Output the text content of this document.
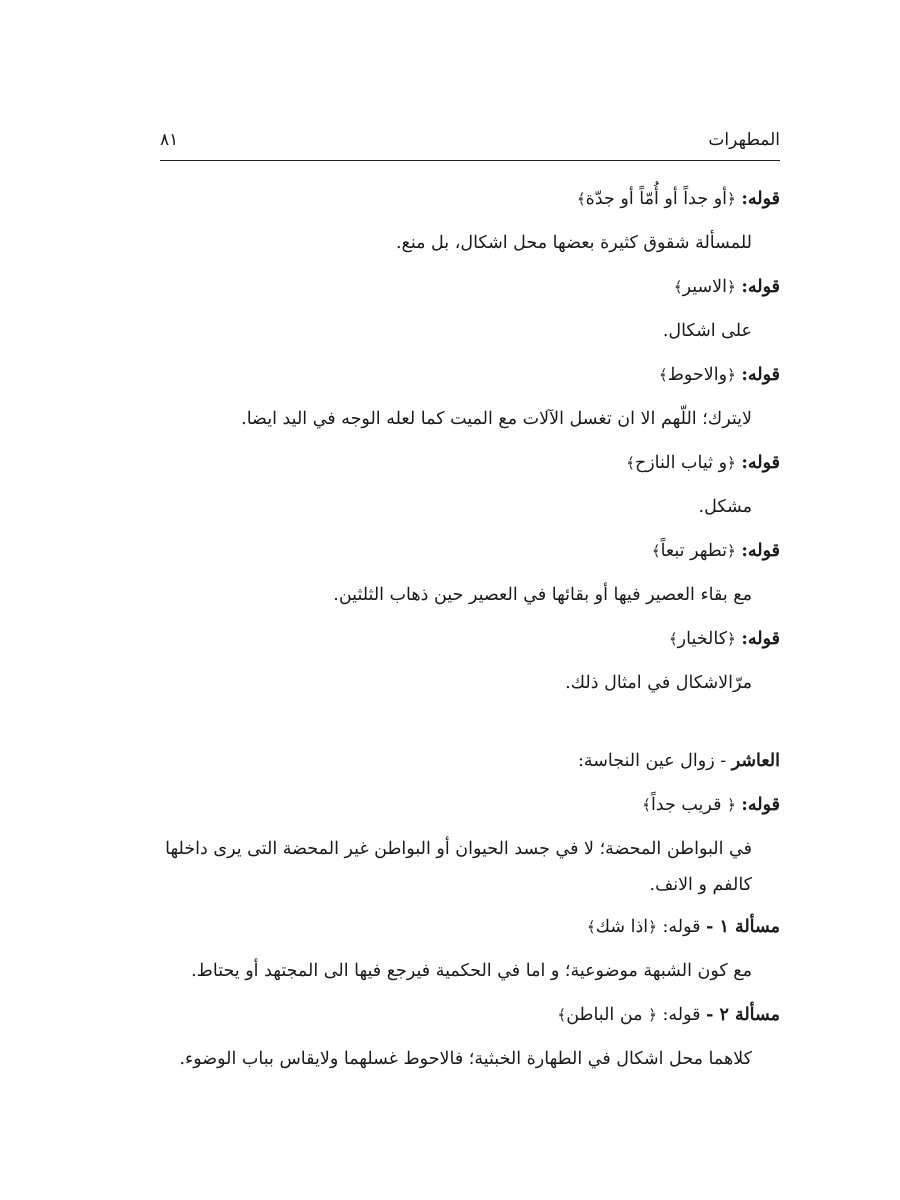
المطهرات
٨١
قوله: ﴿أو جداً أو أُمّاً أو جدّة﴾
للمسألة شقوق كثيرة بعضها محل اشكال، بل منع.
قوله: ﴿الاسير﴾
على اشكال.
قوله: ﴿والاحوط﴾
لايترك؛ اللّهم الا ان تغسل الآلات مع الميت كما لعله الوجه في اليد ايضا.
قوله: ﴿و ثياب النازح﴾
مشكل.
قوله: ﴿تطهر تبعاً﴾
مع بقاء العصير فيها أو بقائها في العصير حين ذهاب الثلثين.
قوله: ﴿كالخيار﴾
مرّالاشكال في امثال ذلك.
العاشر - زوال عين النجاسة:
قوله: ﴿ قريب جداً﴾
في البواطن المحضة؛ لا في جسد الحيوان أو البواطن غير المحضة التى يرى داخلها
كالفم و الانف.
مسألة ١ - قوله: ﴿اذا شك﴾
مع كون الشبهة موضوعية؛ و اما في الحكمية فيرجع فيها الى المجتهد أو يحتاط.
مسألة ٢ - قوله: ﴿ من الباطن﴾
كلاهما محل اشكال في الطهارة الخبثية؛ فالاحوط غسلهما ولايقاس بباب الوضوء.
